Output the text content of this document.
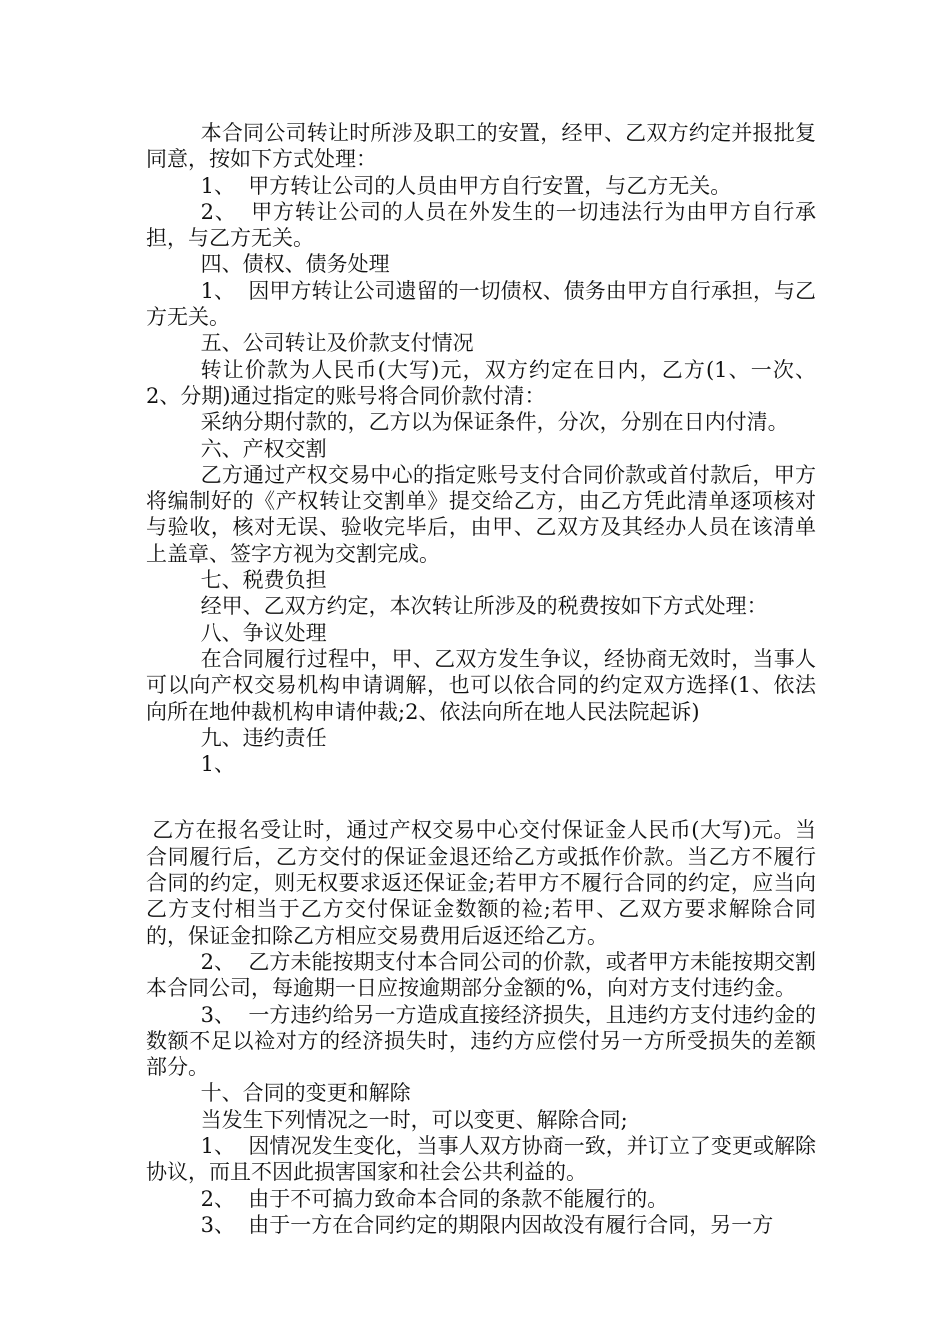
本合同公司转让时所涉及职工的安置，经甲、乙双方约定并报批复同意，按如下方式处理：

1、  甲方转让公司的人员由甲方自行安置，与乙方无关。

2、  甲方转让公司的人员在外发生的一切违法行为由甲方自行承担，与乙方无关。

四、债权、债务处理

1、  因甲方转让公司遗留的一切债权、债务由甲方自行承担，与乙方无关。

五、公司转让及价款支付情况

转让价款为人民币(大写)元，双方约定在日内，乙方(1、一次、2、分期)通过指定的账号将合同价款付清：

采纳分期付款的，乙方以为保证条件，分次，分别在日内付清。

六、产权交割

乙方通过产权交易中心的指定账号支付合同价款或首付款后，甲方将编制好的《产权转让交割单》提交给乙方，由乙方凭此清单逐项核对与验收，核对无误、验收完毕后，由甲、乙双方及其经办人员在该清单上盖章、签字方视为交割完成。

七、税费负担

经甲、乙双方约定，本次转让所涉及的税费按如下方式处理：

八、争议处理

在合同履行过程中，甲、乙双方发生争议，经协商无效时，当事人可以向产权交易机构申请调解，也可以依合同的约定双方选择(1、依法向所在地仲裁机构申请仲裁;2、依法向所在地人民法院起诉)

九、违约责任

1、

乙方在报名受让时，通过产权交易中心交付保证金人民币(大写)元。当合同履行后，乙方交付的保证金退还给乙方或抵作价款。当乙方不履行合同的约定，则无权要求返还保证金;若甲方不履行合同的约定，应当向乙方支付相当于乙方交付保证金数额的裣;若甲、乙双方要求解除合同的，保证金扣除乙方相应交易费用后返还给乙方。

2、  乙方未能按期支付本合同公司的价款，或者甲方未能按期交割本合同公司，每逾期一日应按逾期部分金额的%，向对方支付违约金。

3、  一方违约给另一方造成直接经济损失，且违约方支付违约金的数额不足以裣对方的经济损失时，违约方应偿付另一方所受损失的差额部分。

十、合同的变更和解除

当发生下列情况之一时，可以变更、解除合同;

1、  因情况发生变化，当事人双方协商一致，并订立了变更或解除协议，而且不因此损害国家和社会公共利益的。

2、  由于不可搞力致命本合同的条款不能履行的。

3、  由于一方在合同约定的期限内因故没有履行合同，另一方
